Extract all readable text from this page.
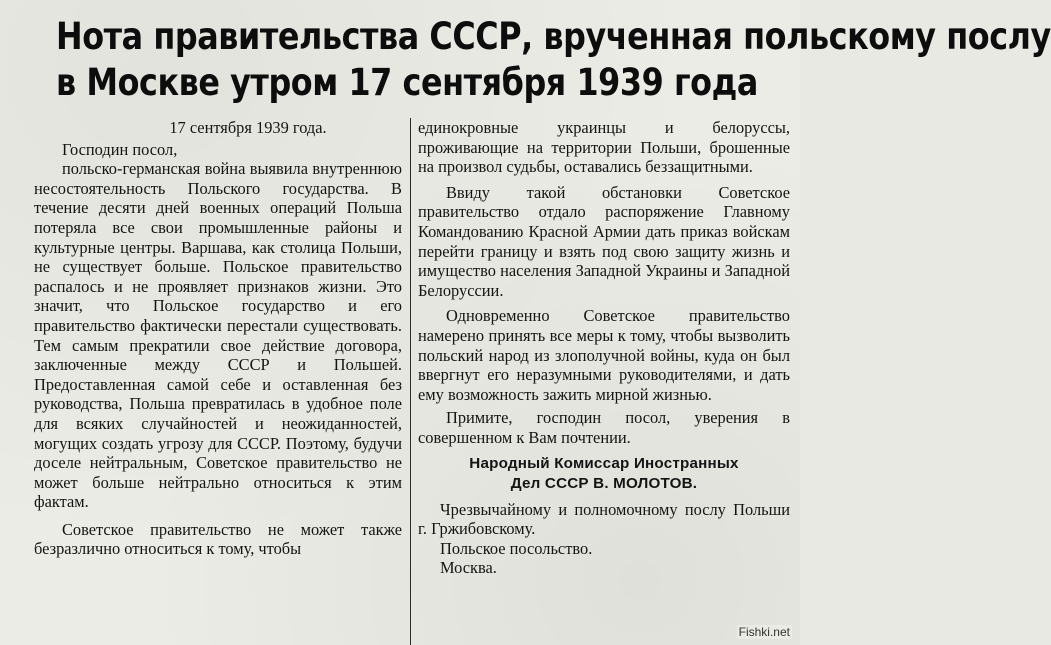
Нота правительства СССР, врученная польскому послу
в Москве утром 17 сентября 1939 года

17 сентября 1939 года.

Господин посол,

польско-германская война выявила внутреннюю несостоятельность Польского государства. В течение десяти дней военных операций Польша потеряла все свои промышленные районы и культурные центры. Варшава, как столица Польши, не существует больше. Польское правительство распалось и не проявляет признаков жизни. Это значит, что Польское государство и его правительство фактически перестали существовать. Тем самым прекратили свое действие договора, заключенные между СССР и Польшей. Предоставленная самой себе и оставленная без руководства, Польша превратилась в удобное поле для всяких случайностей и неожиданностей, могущих создать угрозу для СССР. Поэтому, будучи доселе нейтральным, Советское правительство не может больше нейтрально относиться к этим фактам.

Советское правительство не может также безразлично относиться к тому, чтобы

единокровные украинцы и белоруссы, проживающие на территории Польши, брошенные на произвол судьбы, оставались беззащитными.

Ввиду такой обстановки Советское правительство отдало распоряжение Главному Командованию Красной Армии дать приказ войскам перейти границу и взять под свою защиту жизнь и имущество населения Западной Украины и Западной Белоруссии.

Одновременно Советское правительство намерено принять все меры к тому, чтобы вызволить польский народ из злополучной войны, куда он был ввергнут его неразумными руководителями, и дать ему возможность зажить мирной жизнью.

Примите, господин посол, уверения в совершенном к Вам почтении.

Народный Комиссар Иностранных
Дел СССР В. МОЛОТОВ.

Чрезвычайному и полномочному послу Польши г. Гржибовскому.

Польское посольство.

Москва.

Fishki.net
